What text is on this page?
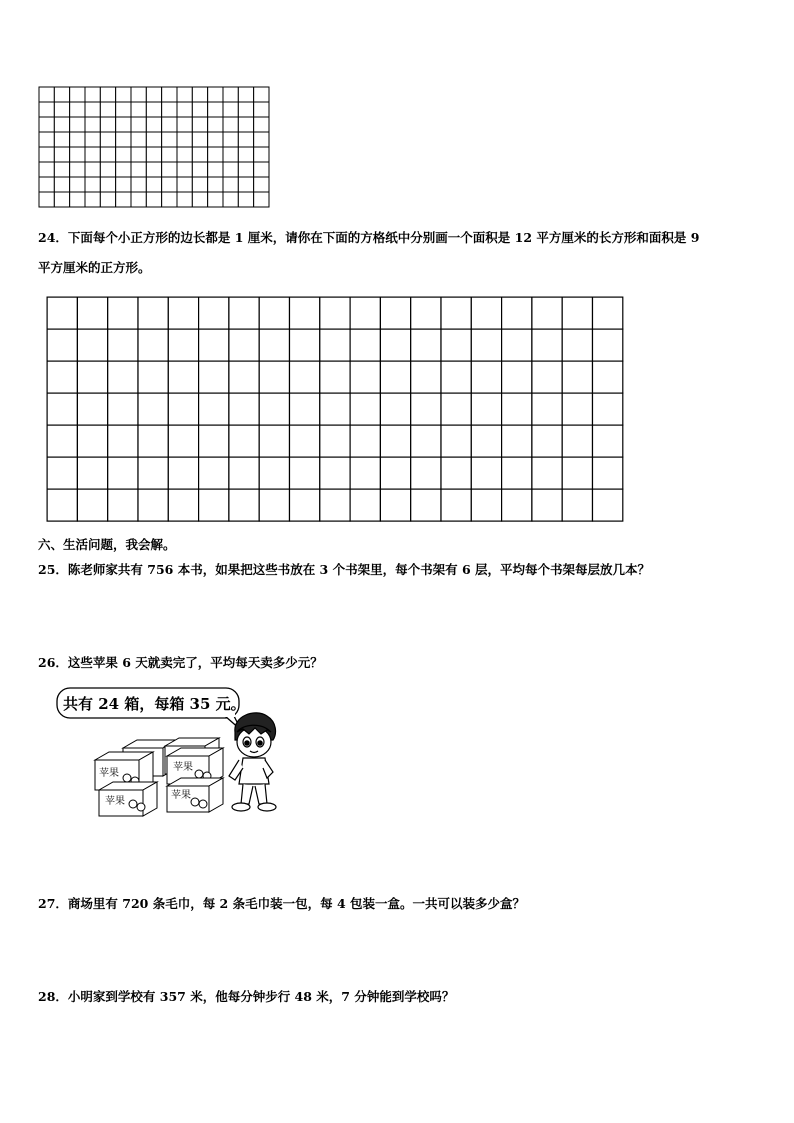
24．下面每个小正方形的边长都是 1 厘米，请你在下面的方格纸中分别画一个面积是 12 平方厘米的长方形和面积是 9
平方厘米的正方形。
六、生活问题，我会解。
25．陈老师家共有 756 本书，如果把这些书放在 3 个书架里，每个书架有 6 层，平均每个书架每层放几本？
26．这些苹果 6 天就卖完了，平均每天卖多少元？
共有 24 箱，每箱 35 元。
苹果
苹果
苹果
苹果
27．商场里有 720 条毛巾，每 2 条毛巾装一包，每 4 包装一盒。一共可以装多少盒？
28．小明家到学校有 357 米，他每分钟步行 48 米，7 分钟能到学校吗？
